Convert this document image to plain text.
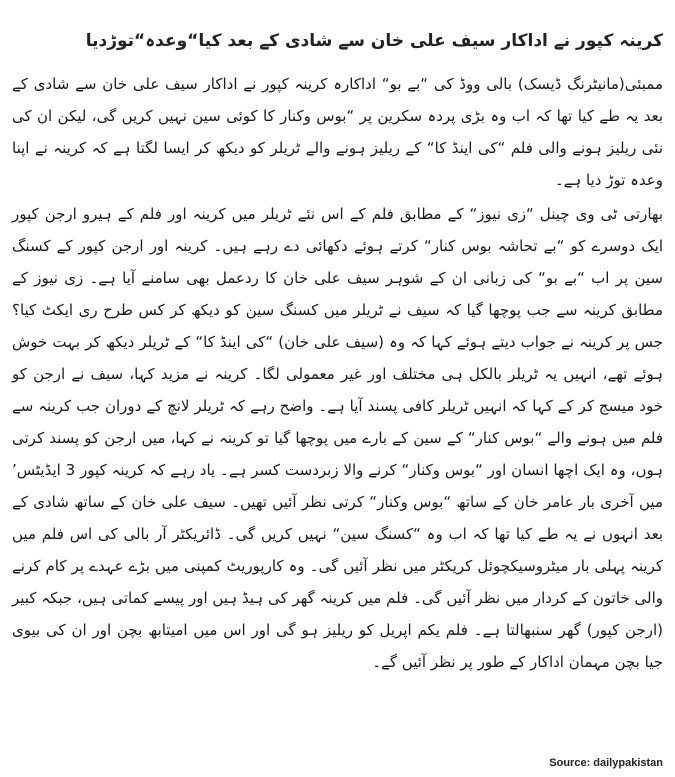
کرینہ کپور نے اداکار سیف علی خان سے شادی کے بعد کیا“وعدہ“توڑدیا

ممبئی(مانیٹرنگ ڈیسک) بالی ووڈ کی “بے بو“ اداکارہ کرینہ کپور نے اداکار سیف علی خان سے شادی کے بعد یہ طے کیا تھا کہ اب وہ بڑی پردہ سکرین پر “بوس وکنار کا کوئی سین نہیں کریں گی، لیکن ان کی نئی ریلیز ہونے والی فلم “کی اینڈ کا“ کے ریلیز ہونے والے ٹریلر کو دیکھ کر ایسا لگتا ہے کہ کرینہ نے اپنا وعدہ توڑ دیا ہے۔

بھارتی ٹی وی چینل “زی نیوز“ کے مطابق فلم کے اس نئے ٹریلر میں کرینہ اور فلم کے ہیرو ارجن کپور ایک دوسرے کو “بے تحاشہ بوس کنار“ کرتے ہوئے دکھائی دے رہے ہیں۔ کرینہ اور ارجن کپور کے کسنگ سین پر اب “بے بو“ کی زبانی ان کے شوہر سیف علی خان کا ردعمل بھی سامنے آیا ہے۔ زی نیوز کے مطابق کرینہ سے جب پوچھا گیا کہ سیف نے ٹریلر میں کسنگ سین کو دیکھ کر کس طرح ری ایکٹ کیا؟ جس پر کرینہ نے جواب دیتے ہوئے کہا کہ وہ (سیف علی خان) “کی اینڈ کا“ کے ٹریلر دیکھ کر بہت خوش ہوئے تھے، انہیں یہ ٹریلر بالکل ہی مختلف اور غیر معمولی لگا۔ کرینہ نے مزید کہا، سیف نے ارجن کو خود میسج کر کے کہا کہ انہیں ٹریلر کافی پسند آیا ہے۔ واضح رہے کہ ٹریلر لانچ کے دوران جب کرینہ سے فلم میں ہونے والے “بوس کنار“ کے سین کے بارے میں پوچھا گیا تو کرینہ نے کہا، میں ارجن کو پسند کرتی ہوں، وہ ایک اچھا انسان اور “بوس وکنار“ کرنے والا زبردست کسر ہے۔ یاد رہے کہ کرینہ کپور 3 ایڈیٹس’ میں آخری بار عامر خان کے ساتھ “بوس وکنار“ کرتی نظر آئیں تھیں۔ سیف علی خان کے ساتھ شادی کے بعد انہوں نے یہ طے کیا تھا کہ اب وہ “کسنگ سین“ نہیں کریں گی۔ ڈائریکٹر آر بالی کی اس فلم میں کرینہ پہلی بار میٹروسیکچوئل کریکٹر میں نظر آئیں گی۔ وہ کارپوریٹ کمپنی میں بڑے عہدے پر کام کرنے والی خاتون کے کردار میں نظر آئیں گی۔ فلم میں کرینہ گھر کی ہیڈ ہیں اور پیسے کماتی ہیں، جبکہ کبیر (ارجن کپور) گھر سنبھالتا ہے۔ فلم یکم اپریل کو ریلیز ہو گی اور اس میں امیتابھ بچن اور ان کی بیوی جیا بچن مہمان اداکار کے طور پر نظر آئیں گے۔

Source: dailypakistan
